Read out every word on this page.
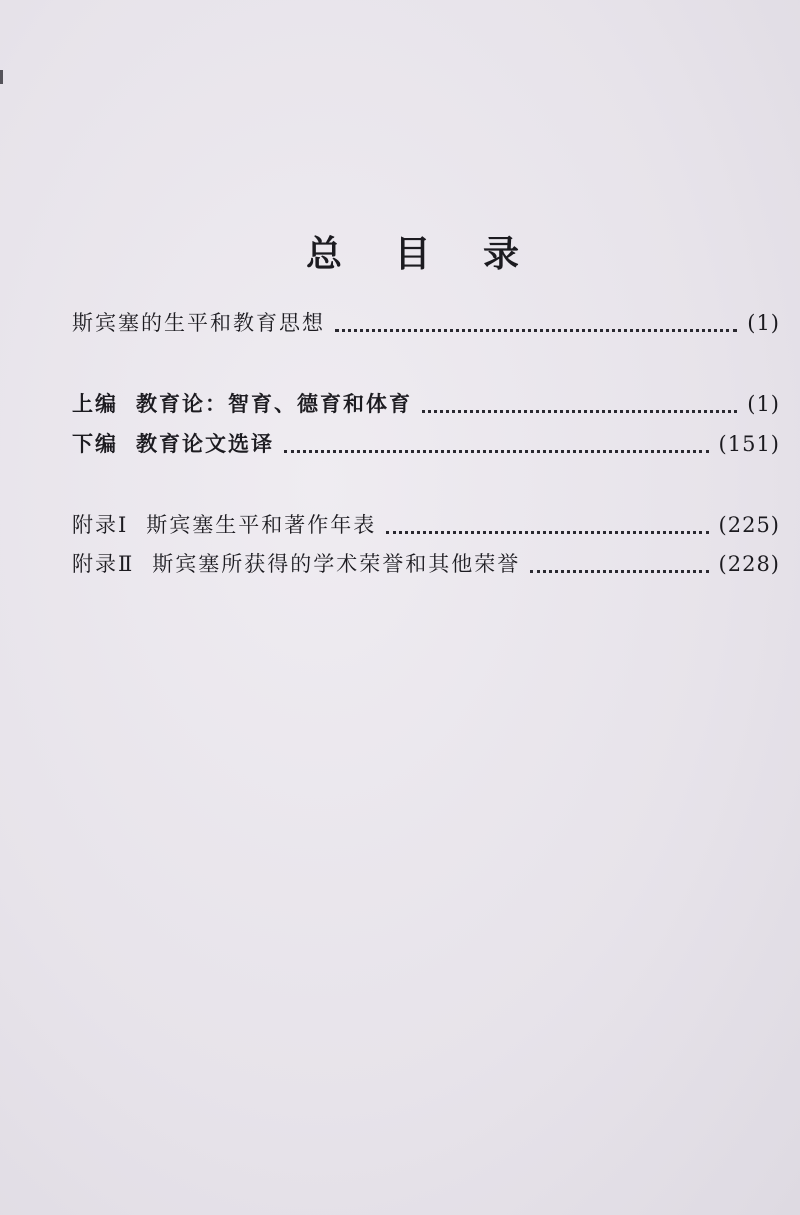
总 目 录
斯宾塞的生平和教育思想	(1)
上编 教育论：智育、德育和体育	(1)
下编 教育论文选译	(151)
附录Ⅰ 斯宾塞生平和著作年表	(225)
附录Ⅱ 斯宾塞所获得的学术荣誉和其他荣誉	(228)
